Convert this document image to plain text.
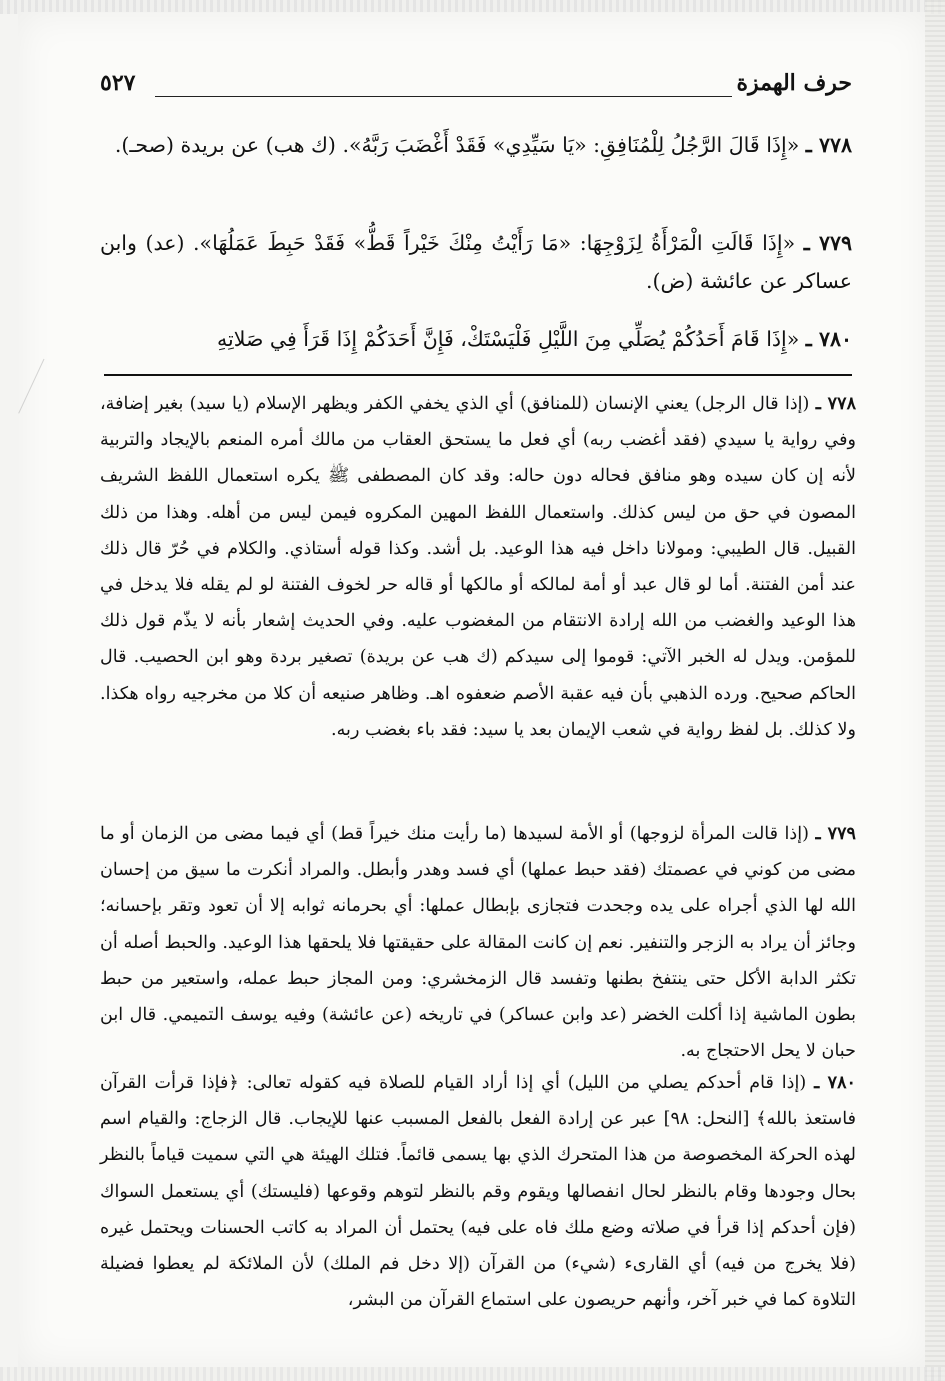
حرف الهمزة
٥٢٧
٧٧٨ ـ «إِذَا قَالَ الرَّجُلُ لِلْمُنَافِقِ: «يَا سَيِّدِي» فَقَدْ أَغْضَبَ رَبَّهُ». (ك هب) عن بريدة (صحـ).
٧٧٩ ـ «إِذَا قَالَتِ الْمَرْأَةُ لِزَوْجِهَا: «مَا رَأَيْتُ مِنْكَ خَيْراً قَطُّ» فَقَدْ حَبِطَ عَمَلُهَا». (عد) وابن عساكر عن عائشة (ض).
٧٨٠ ـ «إِذَا قَامَ أَحَدُكُمْ يُصَلِّي مِنَ اللَّيْلِ فَلْيَسْتَكْ، فَإِنَّ أَحَدَكُمْ إِذَا قَرَأَ فِي صَلاتِهِ

٧٧٨ ـ (إذا قال الرجل) يعني الإنسان (للمنافق) أي الذي يخفي الكفر ويظهر الإسلام (يا سيد) بغير إضافة، وفي رواية يا سيدي (فقد أغضب ربه) أي فعل ما يستحق العقاب من مالك أمره المنعم بالإيجاد والتربية لأنه إن كان سيده وهو منافق فحاله دون حاله: وقد كان المصطفى ﷺ يكره استعمال اللفظ الشريف المصون في حق من ليس كذلك. واستعمال اللفظ المهين المكروه فيمن ليس من أهله. وهذا من ذلك القبيل. قال الطيبي: ومولانا داخل فيه هذا الوعيد. بل أشد. وكذا قوله أستاذي. والكلام في حُرّ قال ذلك عند أمن الفتنة. أما لو قال عبد أو أمة لمالكه أو مالكها أو قاله حر لخوف الفتنة لو لم يقله فلا يدخل في هذا الوعيد والغضب من الله إرادة الانتقام من المغضوب عليه. وفي الحديث إشعار بأنه لا يذّم قول ذلك للمؤمن. ويدل له الخبر الآتي: قوموا إلى سيدكم (ك هب عن بريدة) تصغير بردة وهو ابن الحصيب. قال الحاكم صحيح. ورده الذهبي بأن فيه عقبة الأصم ضعفوه اهـ. وظاهر صنيعه أن كلا من مخرجيه رواه هكذا. ولا كذلك. بل لفظ رواية في شعب الإيمان بعد يا سيد: فقد باء بغضب ربه.

٧٧٩ ـ (إذا قالت المرأة لزوجها) أو الأمة لسيدها (ما رأيت منك خيراً قط) أي فيما مضى من الزمان أو ما مضى من كوني في عصمتك (فقد حبط عملها) أي فسد وهدر وأبطل. والمراد أنكرت ما سيق من إحسان الله لها الذي أجراه على يده وجحدت فتجازى بإبطال عملها: أي بحرمانه ثوابه إلا أن تعود وتقر بإحسانه؛ وجائز أن يراد به الزجر والتنفير. نعم إن كانت المقالة على حقيقتها فلا يلحقها هذا الوعيد. والحبط أصله أن تكثر الدابة الأكل حتى ينتفخ بطنها وتفسد قال الزمخشري: ومن المجاز حبط عمله، واستعير من حبط بطون الماشية إذا أكلت الخضر (عد وابن عساكر) في تاريخه (عن عائشة) وفيه يوسف التميمي. قال ابن حبان لا يحل الاحتجاج به.

٧٨٠ ـ (إذا قام أحدكم يصلي من الليل) أي إذا أراد القيام للصلاة فيه كقوله تعالى: ﴿فإذا قرأت القرآن فاستعذ بالله﴾ [النحل: ٩٨] عبر عن إرادة الفعل بالفعل المسبب عنها للإيجاب. قال الزجاج: والقيام اسم لهذه الحركة المخصوصة من هذا المتحرك الذي بها يسمى قائماً. فتلك الهيئة هي التي سميت قياماً بالنظر بحال وجودها وقام بالنظر لحال انفصالها ويقوم وقم بالنظر لتوهم وقوعها (فليستك) أي يستعمل السواك (فإن أحدكم إذا قرأ في صلاته وضع ملك فاه على فيه) يحتمل أن المراد به كاتب الحسنات ويحتمل غيره (فلا يخرج من فيه) أي القارىء (شيء) من القرآن (إلا دخل فم الملك) لأن الملائكة لم يعطوا فضيلة التلاوة كما في خبر آخر، وأنهم حريصون على استماع القرآن من البشر،
